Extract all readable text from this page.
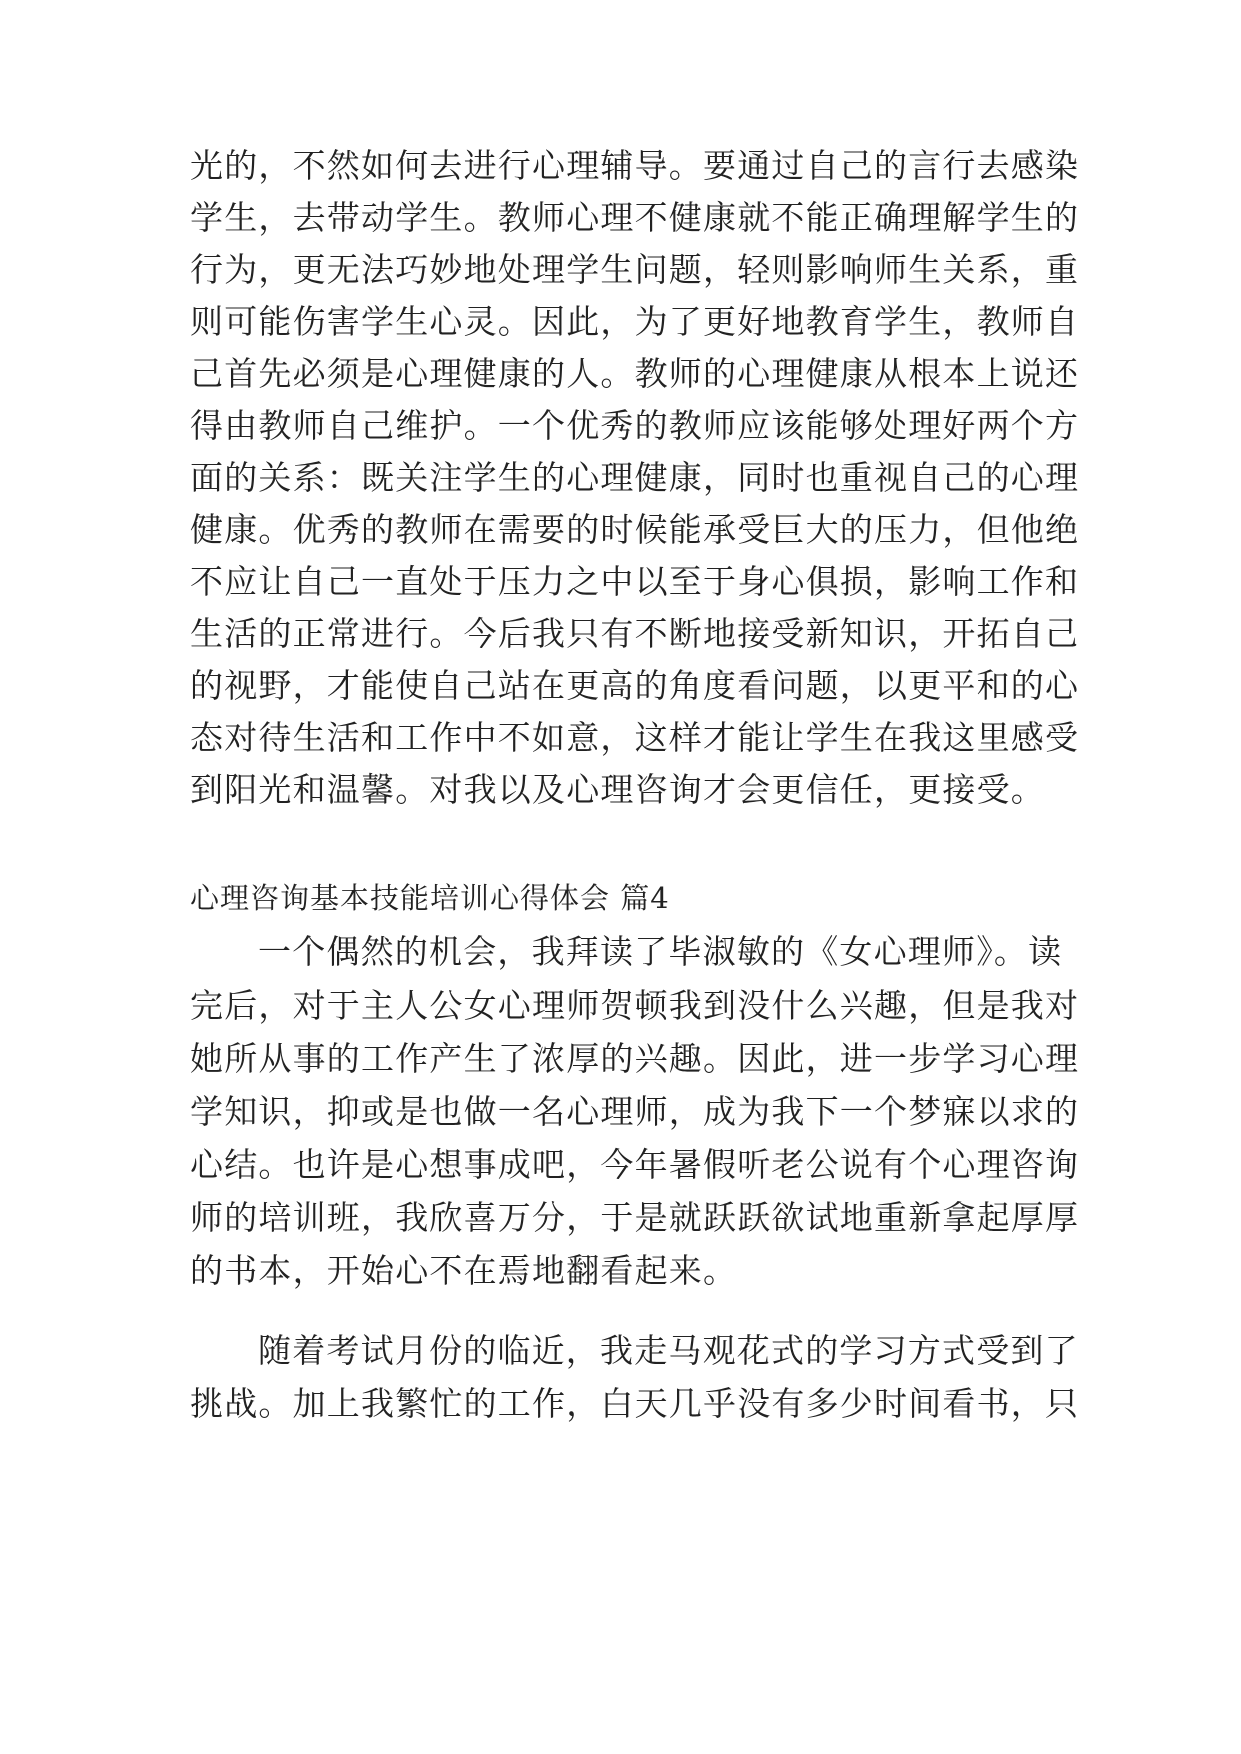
光的，不然如何去进行心理辅导。要通过自己的言行去感染

学生，去带动学生。教师心理不健康就不能正确理解学生的

行为，更无法巧妙地处理学生问题，轻则影响师生关系，重

则可能伤害学生心灵。因此，为了更好地教育学生，教师自

己首先必须是心理健康的人。教师的心理健康从根本上说还

得由教师自己维护。一个优秀的教师应该能够处理好两个方

面的关系：既关注学生的心理健康，同时也重视自己的心理

健康。优秀的教师在需要的时候能承受巨大的压力，但他绝

不应让自己一直处于压力之中以至于身心俱损，影响工作和

生活的正常进行。今后我只有不断地接受新知识，开拓自己

的视野，才能使自己站在更高的角度看问题，以更平和的心

态对待生活和工作中不如意，这样才能让学生在我这里感受

到阳光和温馨。对我以及心理咨询才会更信任，更接受。

心理咨询基本技能培训心得体会 篇4

一个偶然的机会，我拜读了毕淑敏的《女心理师》。读

完后，对于主人公女心理师贺顿我到没什么兴趣，但是我对

她所从事的工作产生了浓厚的兴趣。因此，进一步学习心理

学知识，抑或是也做一名心理师，成为我下一个梦寐以求的

心结。也许是心想事成吧，今年暑假听老公说有个心理咨询

师的培训班，我欣喜万分，于是就跃跃欲试地重新拿起厚厚

的书本，开始心不在焉地翻看起来。

随着考试月份的临近，我走马观花式的学习方式受到了

挑战。加上我繁忙的工作，白天几乎没有多少时间看书，只
